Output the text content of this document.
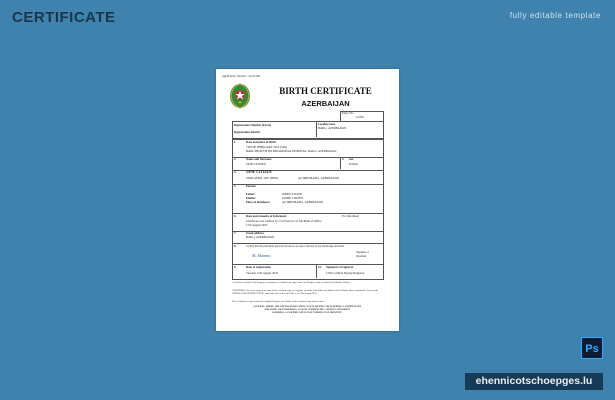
CERTIFICATE	fully editable template
Application Number: 41251168
BIRTH CERTIFICATE
AZERBAIJAN
Entry No.
12456
Registration Number (Form)	Locality/area
BAKU, AZERBAIJAN
Registration District
1.	Date and place of Birth
7TH OF FEBRUARY 2023 (SIX)
BAKU HEALTH INTERNATIONAL HOSPITAL, BAKU, AZERBAIJAN
2.	Name and Surname
JANE CITIZEN
3. Sex
Female
4.	JANE CITIZEN
22ND APRIL 1997 (HER)	AZ IMESHANLI, AZERBAIJAN
5.	Parents
Father	JOHN CITIZEN
Mother	JAMIE CITIZEN
Place of Residence	AZ IMESHANLI, AZERBAIJAN
6.	Date and remarks of Informant	For Informant
Certificate was verified by Civil Service on file Bank of Office
17th August 2023
7.	Usual address
BAKU, AZERBAIJAN
8.	I certify that the particulars given by me above are true to the best of my knowledge and belief
M. Mamma
Signature of Informant
9.	Date of registration
Tuesday 15th August 2023
10. Signature of registrar
CMI Certified Deputy Registrar
As filed in certified Civil Registry, Azerbaijan is certified true copy from Civil Register, this is certified by Member Officer
CERTIFIED to be a true copy of an entry in the certified copy of a register of births, both births of children in the District above mentioned. Given at the GENERAL REGISTER OFFICE, under the Seal of the said Office on 17th August 2023.
This Certificate is given from the original Register, the details of the certified entry shown above.
CAUTION: THERE ARE OFFENCES RELATING TO FALSIFYING OR ALTERING A CERTIFICATE
AND USING OR POSSESSING A FALSE CERTIFICATE. CROWN COPYRIGHT
WARNING: A CERTIFICATE IS NOT EVIDENCE OF IDENTITY
Ps
ehennicotschoepges.lu
